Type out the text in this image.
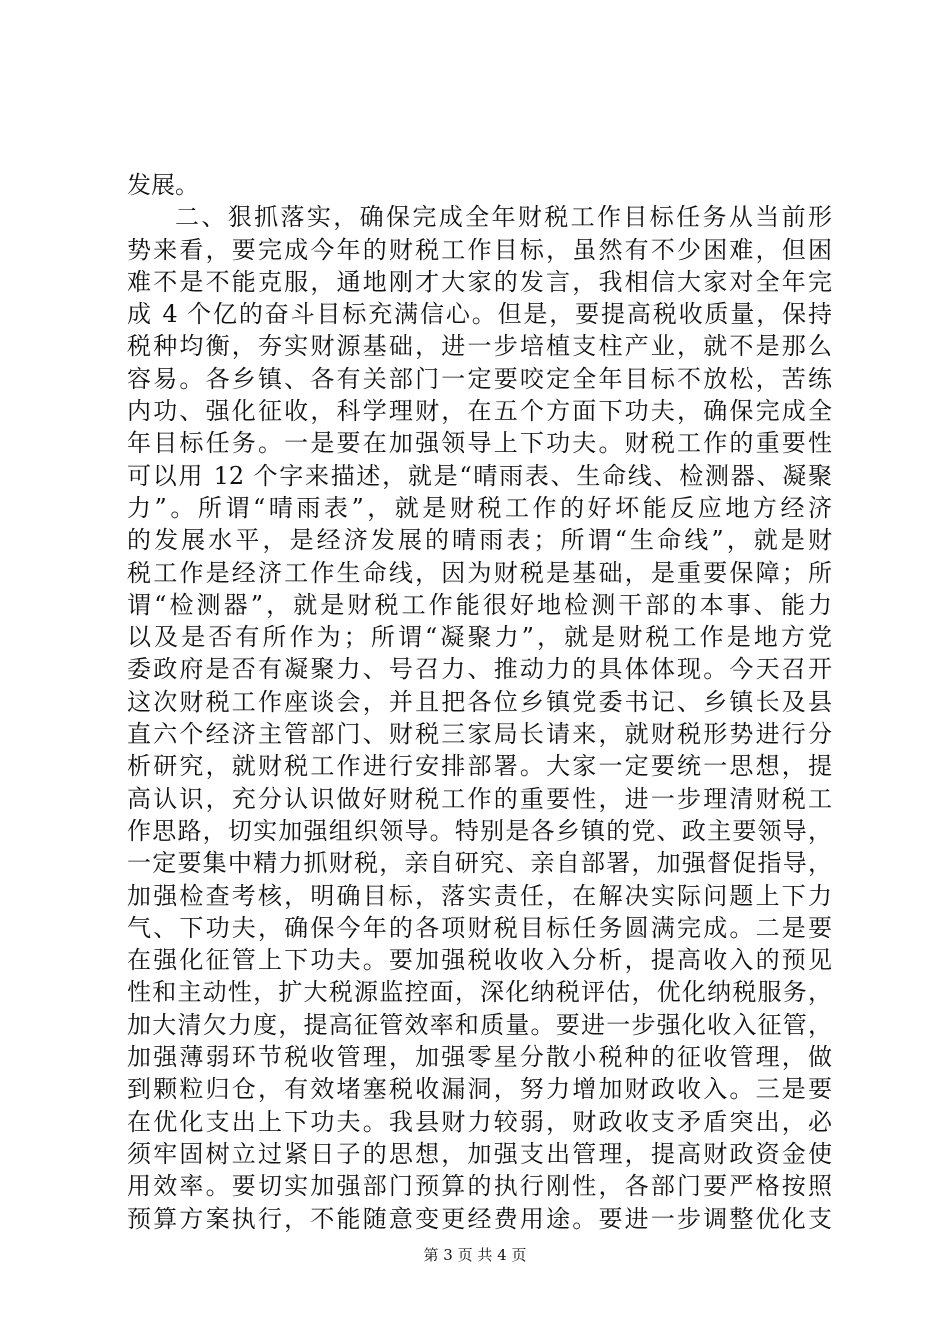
发展。
二、狠抓落实，确保完成全年财税工作目标任务从当前形
势来看，要完成今年的财税工作目标，虽然有不少困难，但困
难不是不能克服，通地刚才大家的发言，我相信大家对全年完
成 4 个亿的奋斗目标充满信心。但是，要提高税收质量，保持
税种均衡，夯实财源基础，进一步培植支柱产业，就不是那么
容易。各乡镇、各有关部门一定要咬定全年目标不放松，苦练
内功、强化征收，科学理财，在五个方面下功夫，确保完成全
年目标任务。一是要在加强领导上下功夫。财税工作的重要性
可以用 12 个字来描述，就是“晴雨表、生命线、检测器、凝聚
力”。所谓“晴雨表”，就是财税工作的好坏能反应地方经济
的发展水平，是经济发展的晴雨表；所谓“生命线”，就是财
税工作是经济工作生命线，因为财税是基础，是重要保障；所
谓“检测器”，就是财税工作能很好地检测干部的本事、能力
以及是否有所作为；所谓“凝聚力”，就是财税工作是地方党
委政府是否有凝聚力、号召力、推动力的具体体现。今天召开
这次财税工作座谈会，并且把各位乡镇党委书记、乡镇长及县
直六个经济主管部门、财税三家局长请来，就财税形势进行分
析研究，就财税工作进行安排部署。大家一定要统一思想，提
高认识，充分认识做好财税工作的重要性，进一步理清财税工
作思路，切实加强组织领导。特别是各乡镇的党、政主要领导，
一定要集中精力抓财税，亲自研究、亲自部署，加强督促指导，
加强检查考核，明确目标，落实责任，在解决实际问题上下力
气、下功夫，确保今年的各项财税目标任务圆满完成。二是要
在强化征管上下功夫。要加强税收收入分析，提高收入的预见
性和主动性，扩大税源监控面，深化纳税评估，优化纳税服务，
加大清欠力度，提高征管效率和质量。要进一步强化收入征管，
加强薄弱环节税收管理，加强零星分散小税种的征收管理，做
到颗粒归仓，有效堵塞税收漏洞，努力增加财政收入。三是要
在优化支出上下功夫。我县财力较弱，财政收支矛盾突出，必
须牢固树立过紧日子的思想，加强支出管理，提高财政资金使
用效率。要切实加强部门预算的执行刚性，各部门要严格按照
预算方案执行，不能随意变更经费用途。要进一步调整优化支
第 3 页 共 4 页
